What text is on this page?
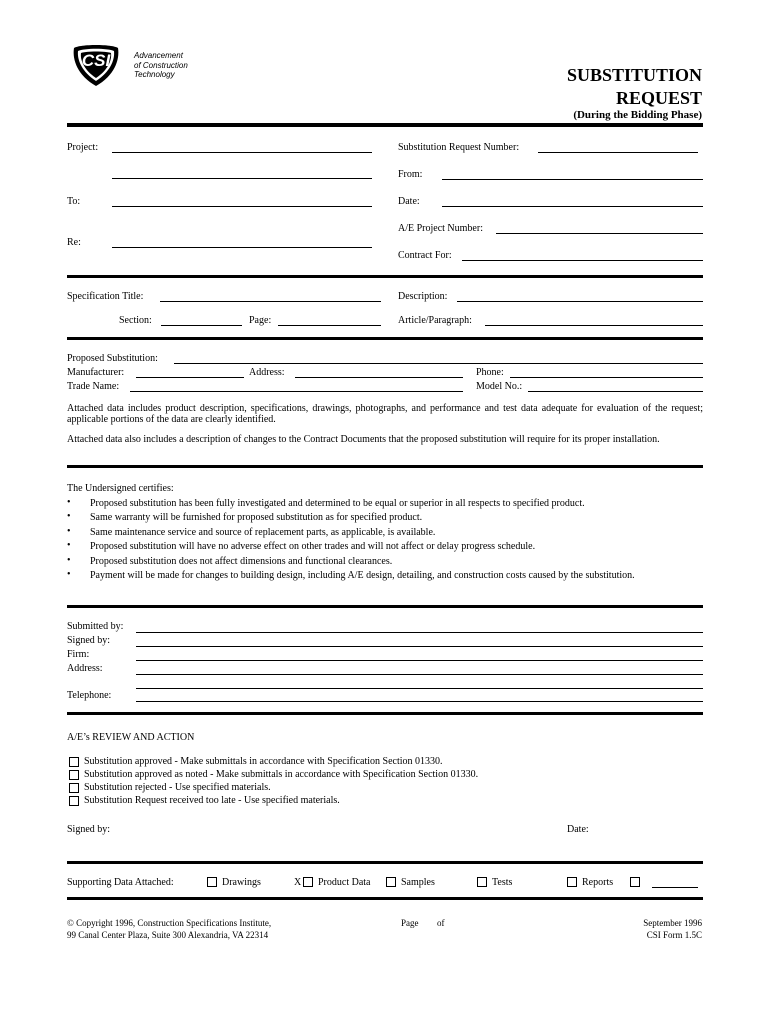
CSI	Advancement
of Construction
Technology	SUBSTITUTION
REQUEST
(During the Bidding Phase)
Project:
To:
Re:
Substitution Request Number:
From:
Date:
A/E Project Number:
Contract For:
Specification Title:
Section:	Page:
Description:
Article/Paragraph:
Proposed Substitution:
Manufacturer:	Address:	Phone:
Trade Name:	Model No.:
Attached data includes product description, specifications, drawings, photographs, and performance and test data adequate for evaluation of the request; applicable portions of the data are clearly identified.
Attached data also includes a description of changes to the Contract Documents that the proposed substitution will require for its proper installation.
The Undersigned certifies:
• Proposed substitution has been fully investigated and determined to be equal or superior in all respects to specified product.
• Same warranty will be furnished for proposed substitution as for specified product.
• Same maintenance service and source of replacement parts, as applicable, is available.
• Proposed substitution will have no adverse effect on other trades and will not affect or delay progress schedule.
• Proposed substitution does not affect dimensions and functional clearances.
• Payment will be made for changes to building design, including A/E design, detailing, and construction costs caused by the substitution.
Submitted by:
Signed by:
Firm:
Address:
Telephone:
A/E’s REVIEW AND ACTION
Substitution approved - Make submittals in accordance with Specification Section 01330.
Substitution approved as noted - Make submittals in accordance with Specification Section 01330.
Substitution rejected - Use specified materials.
Substitution Request received too late - Use specified materials.
Signed by:	Date:
Supporting Data Attached:	Drawings	X Product Data	Samples	Tests	Reports
© Copyright 1996, Construction Specifications Institute,
99 Canal Center Plaza, Suite 300 Alexandria, VA 22314
Page of	September 1996
CSI Form 1.5C
